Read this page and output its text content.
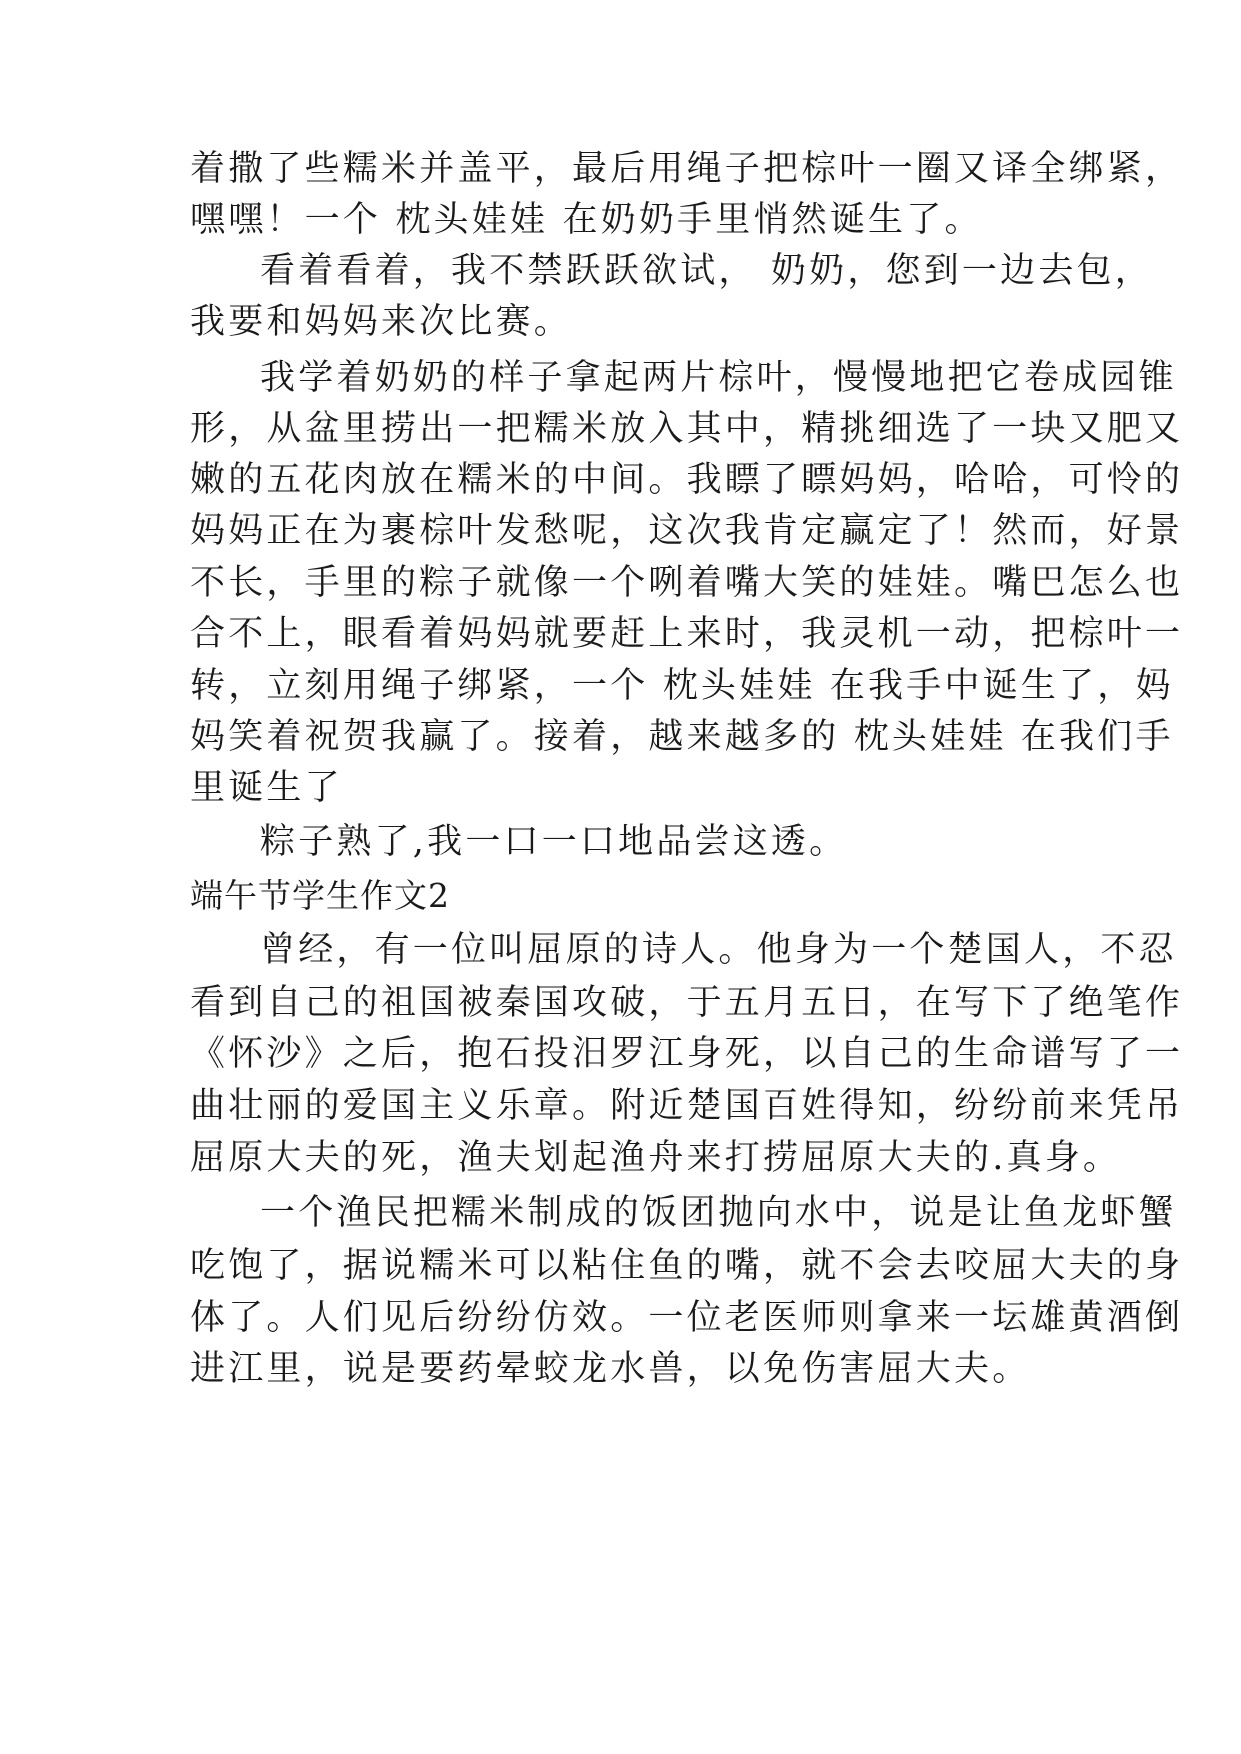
着撒了些糯米并盖平，最后用绳子把棕叶一圈又译全绑紧，
嘿嘿！一个 枕头娃娃 在奶奶手里悄然诞生了。
看着看着，我不禁跃跃欲试， 奶奶，您到一边去包，
我要和妈妈来次比赛。
我学着奶奶的样子拿起两片棕叶，慢慢地把它卷成园锥
形，从盆里捞出一把糯米放入其中，精挑细选了一块又肥又
嫩的五花肉放在糯米的中间。我瞟了瞟妈妈，哈哈，可怜的
妈妈正在为裹棕叶发愁呢，这次我肯定赢定了！然而，好景
不长，手里的粽子就像一个咧着嘴大笑的娃娃。嘴巴怎么也
合不上，眼看着妈妈就要赶上来时，我灵机一动，把棕叶一
转，立刻用绳子绑紧，一个 枕头娃娃 在我手中诞生了，妈
妈笑着祝贺我赢了。接着，越来越多的 枕头娃娃 在我们手
里诞生了
粽子熟了,我一口一口地品尝这透。
端午节学生作文2
曾经，有一位叫屈原的诗人。他身为一个楚国人，不忍
看到自己的祖国被秦国攻破，于五月五日，在写下了绝笔作
《怀沙》之后，抱石投汨罗江身死，以自己的生命谱写了一
曲壮丽的爱国主义乐章。附近楚国百姓得知，纷纷前来凭吊
屈原大夫的死，渔夫划起渔舟来打捞屈原大夫的.真身。
一个渔民把糯米制成的饭团抛向水中，说是让鱼龙虾蟹
吃饱了，据说糯米可以粘住鱼的嘴，就不会去咬屈大夫的身
体了。人们见后纷纷仿效。一位老医师则拿来一坛雄黄酒倒
进江里，说是要药晕蛟龙水兽，以免伤害屈大夫。
